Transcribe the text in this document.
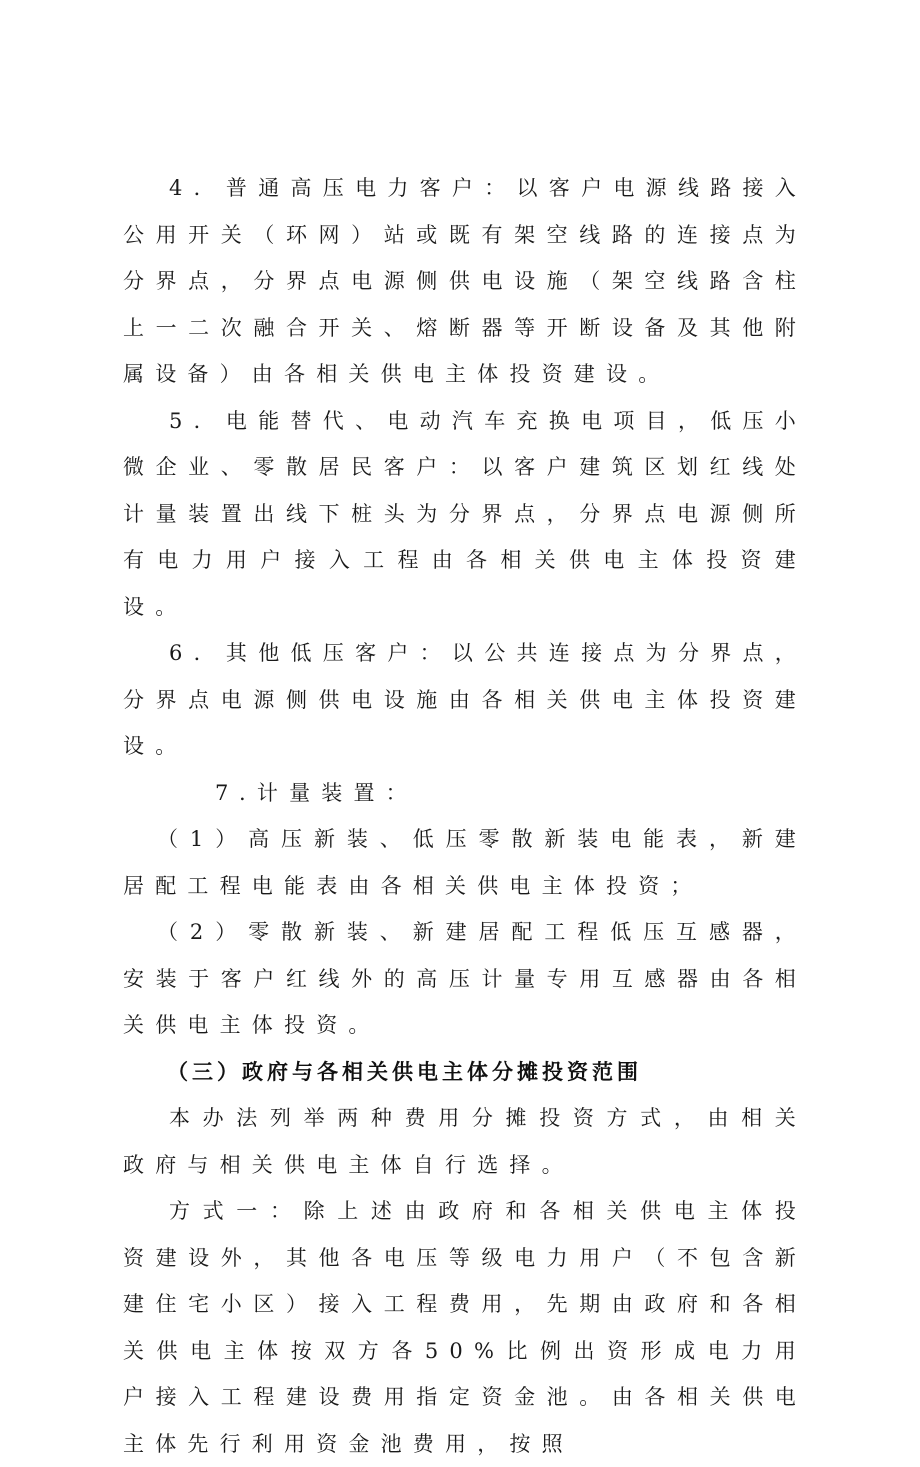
4．普通高压电力客户：以客户电源线路接入公用开关（环网）站或既有架空线路的连接点为分界点，分界点电源侧供电设施（架空线路含柱上一二次融合开关、熔断器等开断设备及其他附属设备）由各相关供电主体投资建设。

5．电能替代、电动汽车充换电项目，低压小微企业、零散居民客户：以客户建筑区划红线处计量装置出线下桩头为分界点，分界点电源侧所有电力用户接入工程由各相关供电主体投资建设。

6．其他低压客户：以公共连接点为分界点，分界点电源侧供电设施由各相关供电主体投资建设。

7 .计量装置：

（1）高压新装、低压零散新装电能表，新建居配工程电能表由各相关供电主体投资；

（2）零散新装、新建居配工程低压互感器，安装于客户红线外的高压计量专用互感器由各相关供电主体投资。

（三）政府与各相关供电主体分摊投资范围

本办法列举两种费用分摊投资方式，由相关政府与相关供电主体自行选择。

方式一：除上述由政府和各相关供电主体投资建设外，其他各电压等级电力用户（不包含新建住宅小区）接入工程费用，先期由政府和各相关供电主体按双方各50%比例出资形成电力用户接入工程建设费用指定资金池。由各相关供电主体先行利用资金池费用，按照
